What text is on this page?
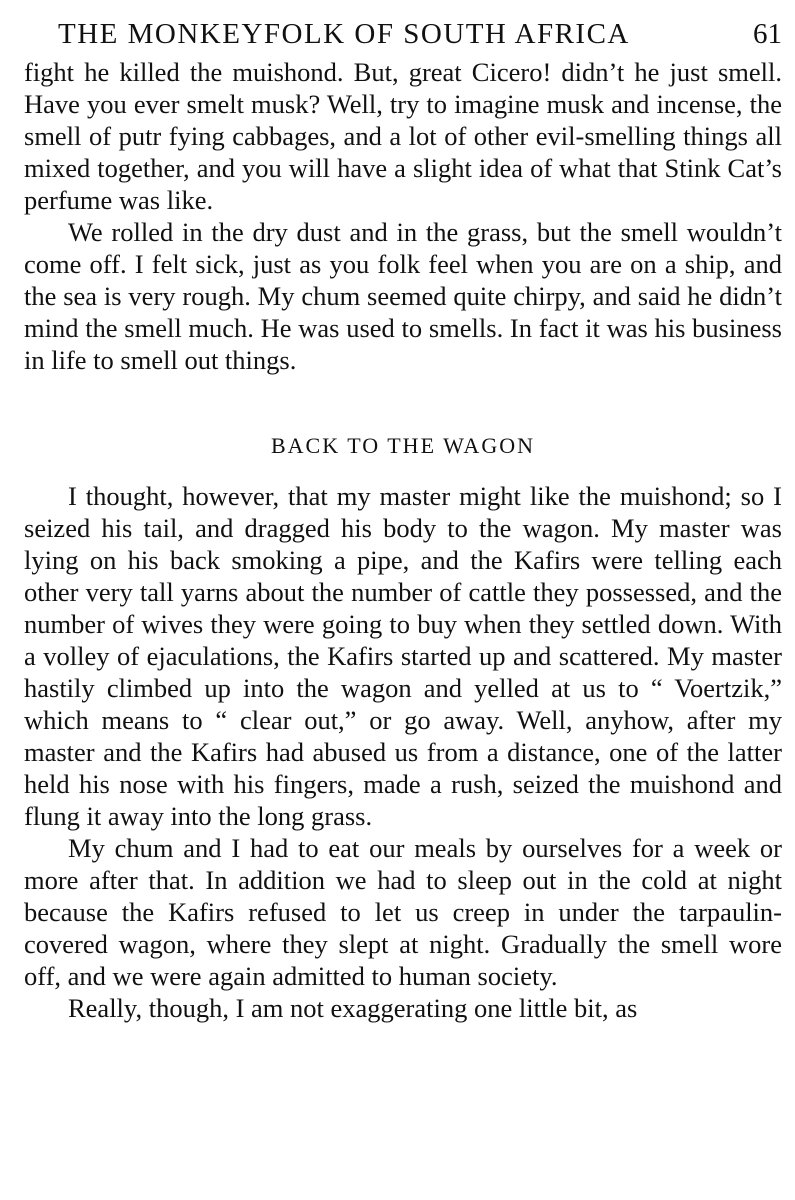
THE MONKEYFOLK OF SOUTH AFRICA	61

fight he killed the muishond. But, great Cicero! didn’t he just smell. Have you ever smelt musk? Well, try to imagine musk and incense, the smell of putr fying cabbages, and a lot of other evil-smelling things all mixed together, and you will have a slight idea of what that Stink Cat’s perfume was like.

We rolled in the dry dust and in the grass, but the smell wouldn’t come off. I felt sick, just as you folk feel when you are on a ship, and the sea is very rough. My chum seemed quite chirpy, and said he didn’t mind the smell much. He was used to smells. In fact it was his business in life to smell out things.

BACK TO THE WAGON

I thought, however, that my master might like the muishond; so I seized his tail, and dragged his body to the wagon. My master was lying on his back smoking a pipe, and the Kafirs were telling each other very tall yarns about the number of cattle they possessed, and the number of wives they were going to buy when they settled down. With a volley of ejaculations, the Kafirs started up and scattered. My master hastily climbed up into the wagon and yelled at us to “ Voertzik,” which means to “ clear out,” or go away. Well, anyhow, after my master and the Kafirs had abused us from a distance, one of the latter held his nose with his fingers, made a rush, seized the muishond and flung it away into the long grass.

My chum and I had to eat our meals by ourselves for a week or more after that. In addition we had to sleep out in the cold at night because the Kafirs refused to let us creep in under the tarpaulin-covered wagon, where they slept at night. Gradually the smell wore off, and we were again admitted to human society.

Really, though, I am not exaggerating one little bit, as
